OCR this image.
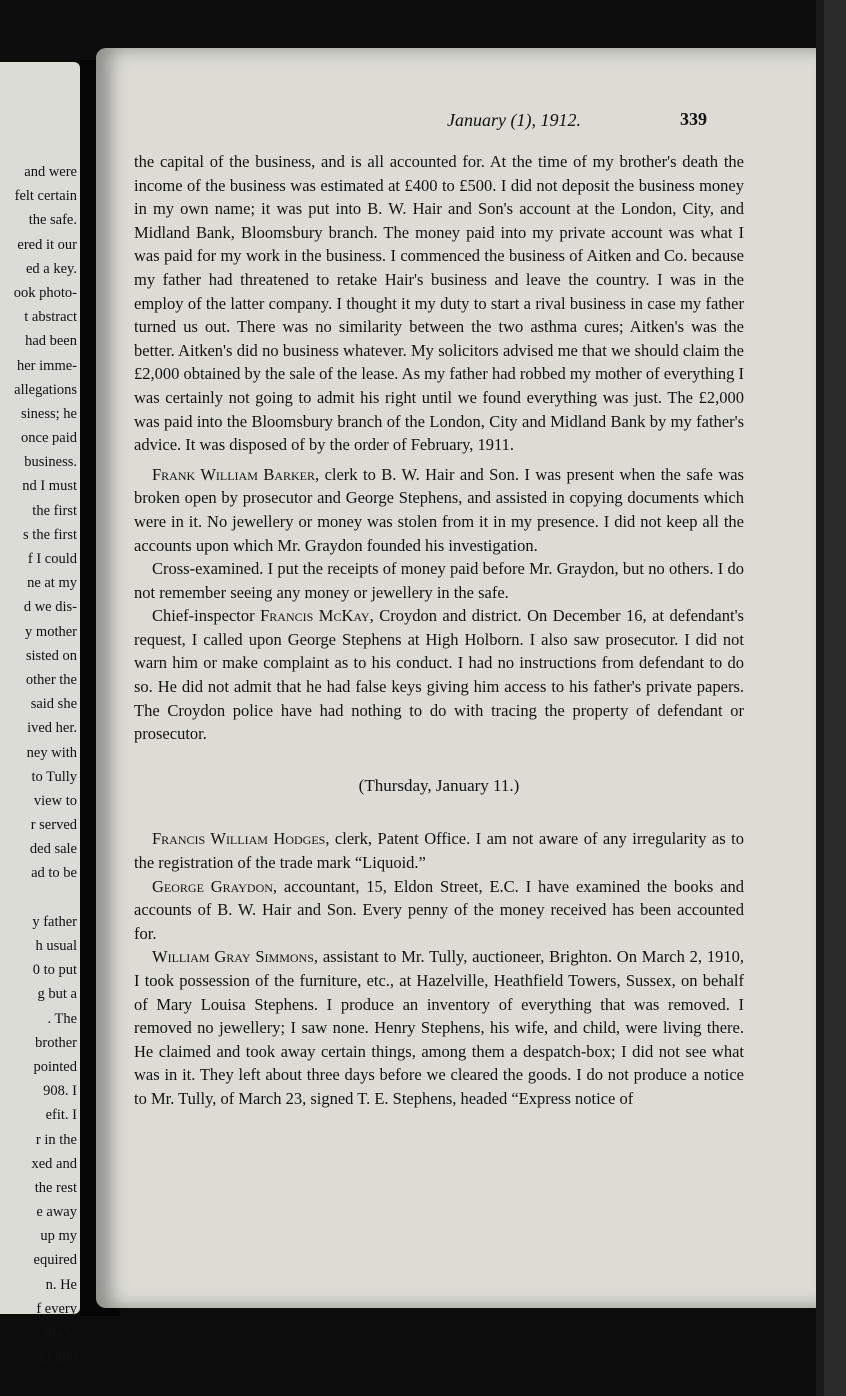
and were
felt certain
the safe.
ered it our
ed a key.
ook photo-
t abstract
had been
her imme-
allegations
siness; he
once paid
business.
nd I must
the first
s the first
f I could
ne at my
d we dis-
y mother
sisted on
other the
said she
ived her.
ney with
to Tully
view to
r served
ded sale
ad to be
y father
h usual
0 to put
g but a
. The
brother
pointed
908. I
efit. I
r in the
xed and
the rest
e away
up my
equired
n. He
f every
stock,
id into
January (1), 1912.	339

the capital of the business, and is all accounted for. At the time of my brother's death the income of the business was estimated at £400 to £500. I did not deposit the business money in my own name; it was put into B. W. Hair and Son's account at the London, City, and Midland Bank, Bloomsbury branch. The money paid into my private account was what I was paid for my work in the business. I commenced the business of Aitken and Co. because my father had threatened to retake Hair's business and leave the country. I was in the employ of the latter company. I thought it my duty to start a rival business in case my father turned us out. There was no similarity between the two asthma cures; Aitken's was the better. Aitken's did no business whatever. My solicitors advised me that we should claim the £2,000 obtained by the sale of the lease. As my father had robbed my mother of everything I was certainly not going to admit his right until we found everything was just. The £2,000 was paid into the Bloomsbury branch of the London, City and Midland Bank by my father's advice. It was disposed of by the order of February, 1911.

Frank William Barker, clerk to B. W. Hair and Son. I was present when the safe was broken open by prosecutor and George Stephens, and assisted in copying documents which were in it. No jewellery or money was stolen from it in my presence. I did not keep all the accounts upon which Mr. Graydon founded his investigation.

Cross-examined. I put the receipts of money paid before Mr. Graydon, but no others. I do not remember seeing any money or jewellery in the safe.

Chief-inspector Francis McKay, Croydon and district. On December 16, at defendant's request, I called upon George Stephens at High Holborn. I also saw prosecutor. I did not warn him or make complaint as to his conduct. I had no instructions from defendant to do so. He did not admit that he had false keys giving him access to his father's private papers. The Croydon police have had nothing to do with tracing the property of defendant or prosecutor.

(Thursday, January 11.)

Francis William Hodges, clerk, Patent Office. I am not aware of any irregularity as to the registration of the trade mark “Liquoid.”

George Graydon, accountant, 15, Eldon Street, E.C. I have examined the books and accounts of B. W. Hair and Son. Every penny of the money received has been accounted for.

William Gray Simmons, assistant to Mr. Tully, auctioneer, Brighton. On March 2, 1910, I took possession of the furniture, etc., at Hazelville, Heathfield Towers, Sussex, on behalf of Mary Louisa Stephens. I produce an inventory of everything that was removed. I removed no jewellery; I saw none. Henry Stephens, his wife, and child, were living there. He claimed and took away certain things, among them a despatch-box; I did not see what was in it. They left about three days before we cleared the goods. I do not produce a notice to Mr. Tully, of March 23, signed T. E. Stephens, headed “Express notice of
